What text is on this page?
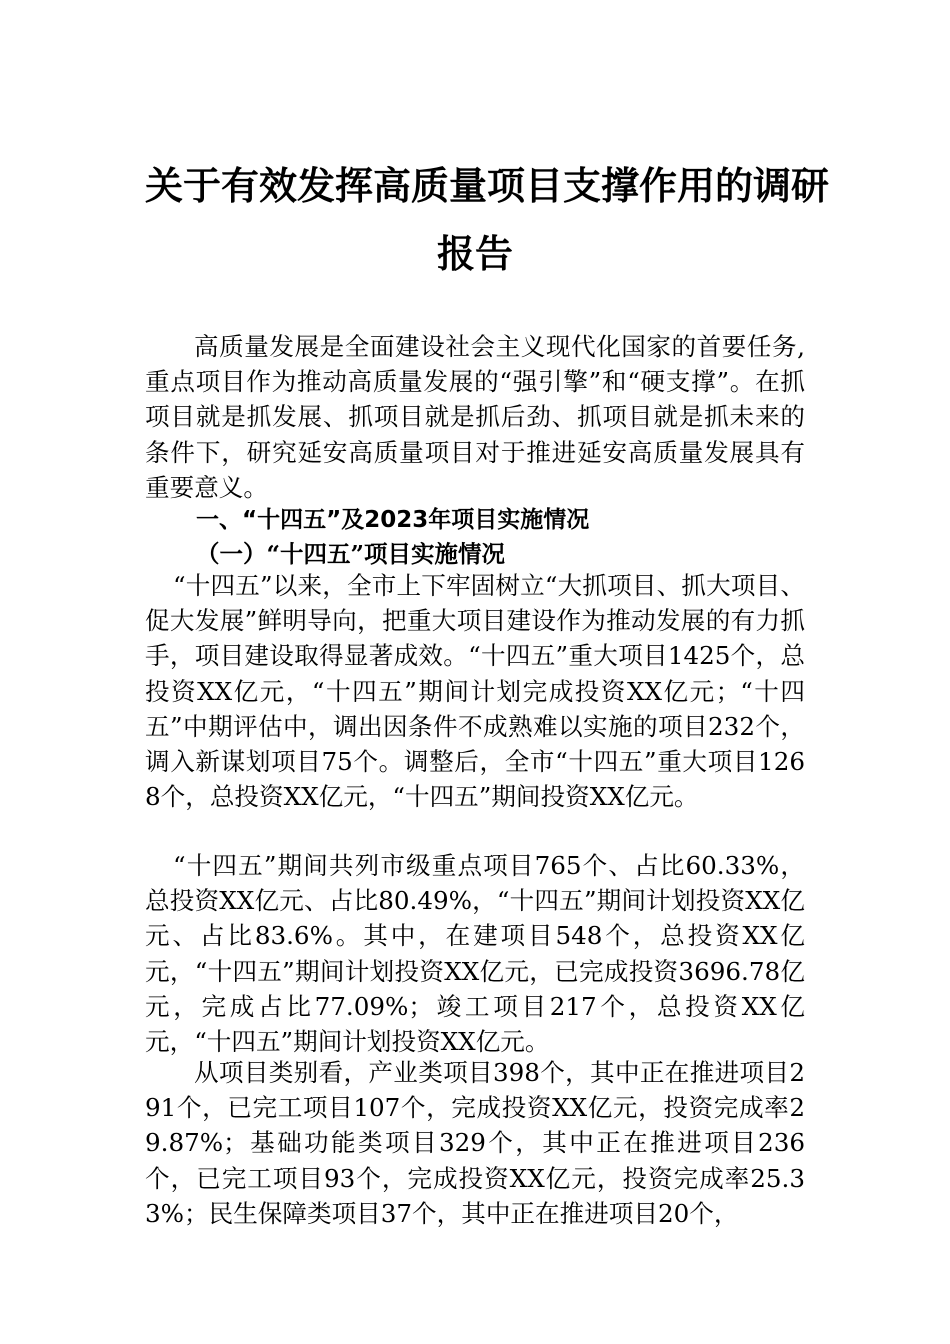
关于有效发挥高质量项目支撑作用的调研
报告

高质量发展是全面建设社会主义现代化国家的首要任务,重点项目作为推动高质量发展的“强引擎”和“硬支撑”。在抓项目就是抓发展、抓项目就是抓后劲、抓项目就是抓未来的条件下，研究延安高质量项目对于推进延安高质量发展具有重要意义。

一、“十四五”及2023年项目实施情况
（一）“十四五”项目实施情况

“十四五”以来，全市上下牢固树立“大抓项目、抓大项目、促大发展”鲜明导向，把重大项目建设作为推动发展的有力抓手，项目建设取得显著成效。“十四五”重大项目1425个，总投资XX亿元，“十四五”期间计划完成投资XX亿元；“十四五”中期评估中，调出因条件不成熟难以实施的项目232个，调入新谋划项目75个。调整后，全市“十四五”重大项目1268个，总投资XX亿元，“十四五”期间投资XX亿元。

“十四五”期间共列市级重点项目765个、占比60.33%，总投资XX亿元、占比80.49%，“十四五”期间计划投资XX亿元、占比83.6%。其中，在建项目548个，总投资XX亿元，“十四五”期间计划投资XX亿元，已完成投资3696.78亿元，完成占比77.09%；竣工项目217个，总投资XX亿元，“十四五”期间计划投资XX亿元。

从项目类别看，产业类项目398个，其中正在推进项目291个，已完工项目107个，完成投资XX亿元，投资完成率29.87%；基础功能类项目329个，其中正在推进项目236个，已完工项目93个，完成投资XX亿元，投资完成率25.33%；民生保障类项目37个，其中正在推进项目20个，
